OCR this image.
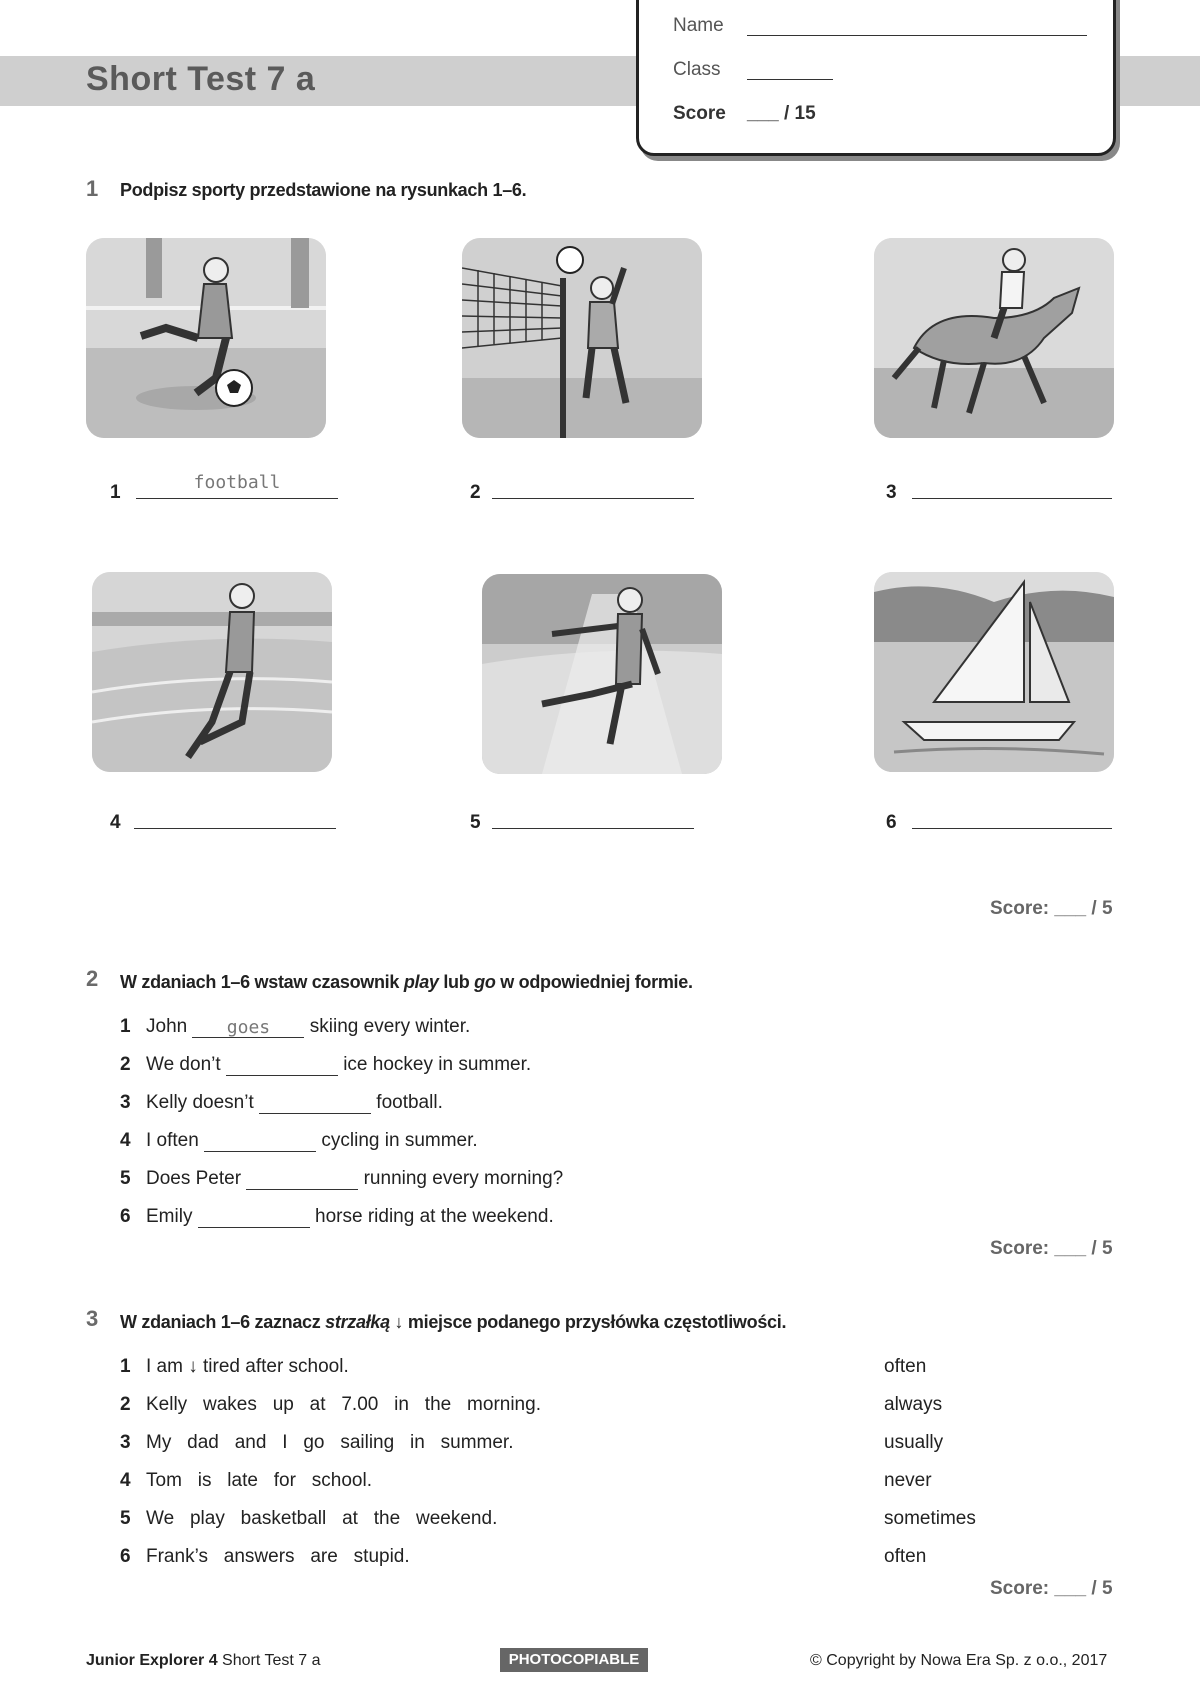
Short Test 7 a
Name
Class
Score ___ / 15
1 Podpisz sporty przedstawione na rysunkach 1–6.
1	football	2	3
4	5	6
Score: ___ / 5
2 W zdaniach 1–6 wstaw czasownik play lub go w odpowiedniej formie.
1 John goes skiing every winter.
2 We don’t	ice hockey in summer.
3 Kelly doesn’t	football.
4 I often	cycling in summer.
5 Does Peter	running every morning?
6 Emily	horse riding at the weekend.
Score: ___ / 5
3 W zdaniach 1–6 zaznacz strzałką ↓ miejsce podanego przysłówka częstotliwości.
1 I am ↓ tired after school.	often
2 Kelly   wakes   up   at   7.00   in   the   morning.	always
3 My   dad   and   I   go   sailing   in   summer.	usually
4 Tom   is   late   for   school.	never
5 We   play   basketball   at   the   weekend.	sometimes
6 Frank’s   answers   are   stupid.	often
Score: ___ / 5
Junior Explorer 4 Short Test 7 a	PHOTOCOPIABLE	© Copyright by Nowa Era Sp. z o.o., 2017
